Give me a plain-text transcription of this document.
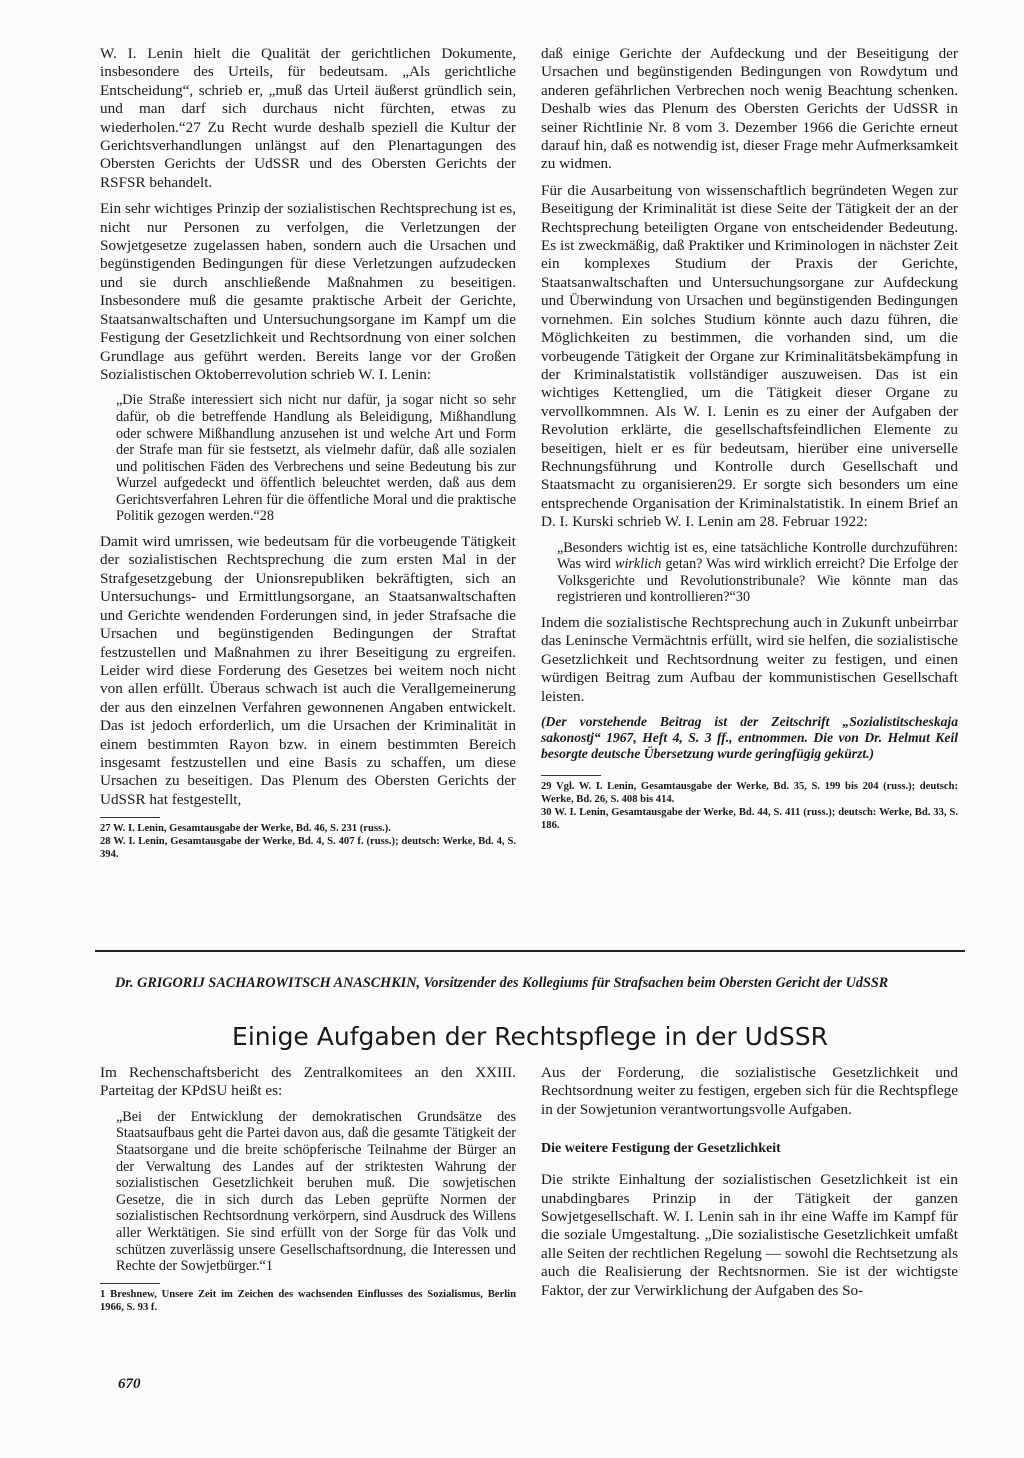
W. I. Lenin hielt die Qualität der gerichtlichen Dokumente, insbesondere des Urteils, für bedeutsam. „Als gerichtliche Entscheidung“, schrieb er, „muß das Urteil äußerst gründlich sein, und man darf sich durchaus nicht fürchten, etwas zu wiederholen.“27 Zu Recht wurde deshalb speziell die Kultur der Gerichtsverhandlungen unlängst auf den Plenartagungen des Obersten Gerichts der UdSSR und des Obersten Gerichts der RSFSR behandelt.

Ein sehr wichtiges Prinzip der sozialistischen Rechtsprechung ist es, nicht nur Personen zu verfolgen, die Verletzungen der Sowjetgesetze zugelassen haben, sondern auch die Ursachen und begünstigenden Bedingungen für diese Verletzungen aufzudecken und sie durch anschließende Maßnahmen zu beseitigen. Insbesondere muß die gesamte praktische Arbeit der Gerichte, Staatsanwaltschaften und Untersuchungsorgane im Kampf um die Festigung der Gesetzlichkeit und Rechtsordnung von einer solchen Grundlage aus geführt werden. Bereits lange vor der Großen Sozialistischen Oktoberrevolution schrieb W. I. Lenin:

„Die Straße interessiert sich nicht nur dafür, ja sogar nicht so sehr dafür, ob die betreffende Handlung als Beleidigung, Mißhandlung oder schwere Mißhandlung anzusehen ist und welche Art und Form der Strafe man für sie festsetzt, als vielmehr dafür, daß alle sozialen und politischen Fäden des Verbrechens und seine Bedeutung bis zur Wurzel aufgedeckt und öffentlich beleuchtet werden, daß aus dem Gerichtsverfahren Lehren für die öffentliche Moral und die praktische Politik gezogen werden.“28

Damit wird umrissen, wie bedeutsam für die vorbeugende Tätigkeit der sozialistischen Rechtsprechung die zum ersten Mal in der Strafgesetzgebung der Unionsrepubliken bekräftigten, sich an Untersuchungs- und Ermittlungsorgane, an Staatsanwaltschaften und Gerichte wendenden Forderungen sind, in jeder Strafsache die Ursachen und begünstigenden Bedingungen der Straftat festzustellen und Maßnahmen zu ihrer Beseitigung zu ergreifen. Leider wird diese Forderung des Gesetzes bei weitem noch nicht von allen erfüllt. Überaus schwach ist auch die Verallgemeinerung der aus den einzelnen Verfahren gewonnenen Angaben entwickelt. Das ist jedoch erforderlich, um die Ursachen der Kriminalität in einem bestimmten Rayon bzw. in einem bestimmten Bereich insgesamt festzustellen und eine Basis zu schaffen, um diese Ursachen zu beseitigen. Das Plenum des Obersten Gerichts der UdSSR hat festgestellt,

27 W. I. Lenin, Gesamtausgabe der Werke, Bd. 46, S. 231 (russ.).

28 W. I. Lenin, Gesamtausgabe der Werke, Bd. 4, S. 407 f. (russ.); deutsch: Werke, Bd. 4, S. 394.

daß einige Gerichte der Aufdeckung und der Beseitigung der Ursachen und begünstigenden Bedingungen von Rowdytum und anderen gefährlichen Verbrechen noch wenig Beachtung schenken. Deshalb wies das Plenum des Obersten Gerichts der UdSSR in seiner Richtlinie Nr. 8 vom 3. Dezember 1966 die Gerichte erneut darauf hin, daß es notwendig ist, dieser Frage mehr Aufmerksamkeit zu widmen.

Für die Ausarbeitung von wissenschaftlich begründeten Wegen zur Beseitigung der Kriminalität ist diese Seite der Tätigkeit der an der Rechtsprechung beteiligten Organe von entscheidender Bedeutung. Es ist zweckmäßig, daß Praktiker und Kriminologen in nächster Zeit ein komplexes Studium der Praxis der Gerichte, Staatsanwaltschaften und Untersuchungsorgane zur Aufdeckung und Überwindung von Ursachen und begünstigenden Bedingungen vornehmen. Ein solches Studium könnte auch dazu führen, die Möglichkeiten zu bestimmen, die vorhanden sind, um die vorbeugende Tätigkeit der Organe zur Kriminalitätsbekämpfung in der Kriminalstatistik vollständiger auszuweisen. Das ist ein wichtiges Kettenglied, um die Tätigkeit dieser Organe zu vervollkommnen. Als W. I. Lenin es zu einer der Aufgaben der Revolution erklärte, die gesellschaftsfeindlichen Elemente zu beseitigen, hielt er es für bedeutsam, hierüber eine universelle Rechnungsführung und Kontrolle durch Gesellschaft und Staatsmacht zu organisieren29. Er sorgte sich besonders um eine entsprechende Organisation der Kriminalstatistik. In einem Brief an D. I. Kurski schrieb W. I. Lenin am 28. Februar 1922:

„Besonders wichtig ist es, eine tatsächliche Kontrolle durchzuführen: Was wird wirklich getan? Was wird wirklich erreicht? Die Erfolge der Volksgerichte und Revolutionstribunale? Wie könnte man das registrieren und kontrollieren?“30

Indem die sozialistische Rechtsprechung auch in Zukunft unbeirrbar das Leninsche Vermächtnis erfüllt, wird sie helfen, die sozialistische Gesetzlichkeit und Rechtsordnung weiter zu festigen, und einen würdigen Beitrag zum Aufbau der kommunistischen Gesellschaft leisten.

(Der vorstehende Beitrag ist der Zeitschrift „Sozialistitscheskaja sakonostj“ 1967, Heft 4, S. 3 ff., entnommen. Die von Dr. Helmut Keil besorgte deutsche Übersetzung wurde geringfügig gekürzt.)

29 Vgl. W. I. Lenin, Gesamtausgabe der Werke, Bd. 35, S. 199 bis 204 (russ.); deutsch: Werke, Bd. 26, S. 408 bis 414.

30 W. I. Lenin, Gesamtausgabe der Werke, Bd. 44, S. 411 (russ.); deutsch: Werke, Bd. 33, S. 186.

Dr. GRIGORIJ SACHAROWITSCH ANASCHKIN, Vorsitzender des Kollegiums für Strafsachen beim Obersten Gericht der UdSSR
Einige Aufgaben der Rechtspflege in der UdSSR

Im Rechenschaftsbericht des Zentralkomitees an den XXIII. Parteitag der KPdSU heißt es:

„Bei der Entwicklung der demokratischen Grundsätze des Staatsaufbaus geht die Partei davon aus, daß die gesamte Tätigkeit der Staatsorgane und die breite schöpferische Teilnahme der Bürger an der Verwaltung des Landes auf der striktesten Wahrung der sozialistischen Gesetzlichkeit beruhen muß. Die sowjetischen Gesetze, die in sich durch das Leben geprüfte Normen der sozialistischen Rechtsordnung verkörpern, sind Ausdruck des Willens aller Werktätigen. Sie sind erfüllt von der Sorge für das Volk und schützen zuverlässig unsere Gesellschaftsordnung, die Interessen und Rechte der Sowjetbürger.“1

1 Breshnew, Unsere Zeit im Zeichen des wachsenden Einflusses des Sozialismus, Berlin 1966, S. 93 f.

Aus der Forderung, die sozialistische Gesetzlichkeit und Rechtsordnung weiter zu festigen, ergeben sich für die Rechtspflege in der Sowjetunion verantwortungsvolle Aufgaben.

Die weitere Festigung der Gesetzlichkeit

Die strikte Einhaltung der sozialistischen Gesetzlichkeit ist ein unabdingbares Prinzip in der Tätigkeit der ganzen Sowjetgesellschaft. W. I. Lenin sah in ihr eine Waffe im Kampf für die soziale Umgestaltung. „Die sozialistische Gesetzlichkeit umfaßt alle Seiten der rechtlichen Regelung — sowohl die Rechtsetzung als auch die Realisierung der Rechtsnormen. Sie ist der wichtigste Faktor, der zur Verwirklichung der Aufgaben des So-

670
